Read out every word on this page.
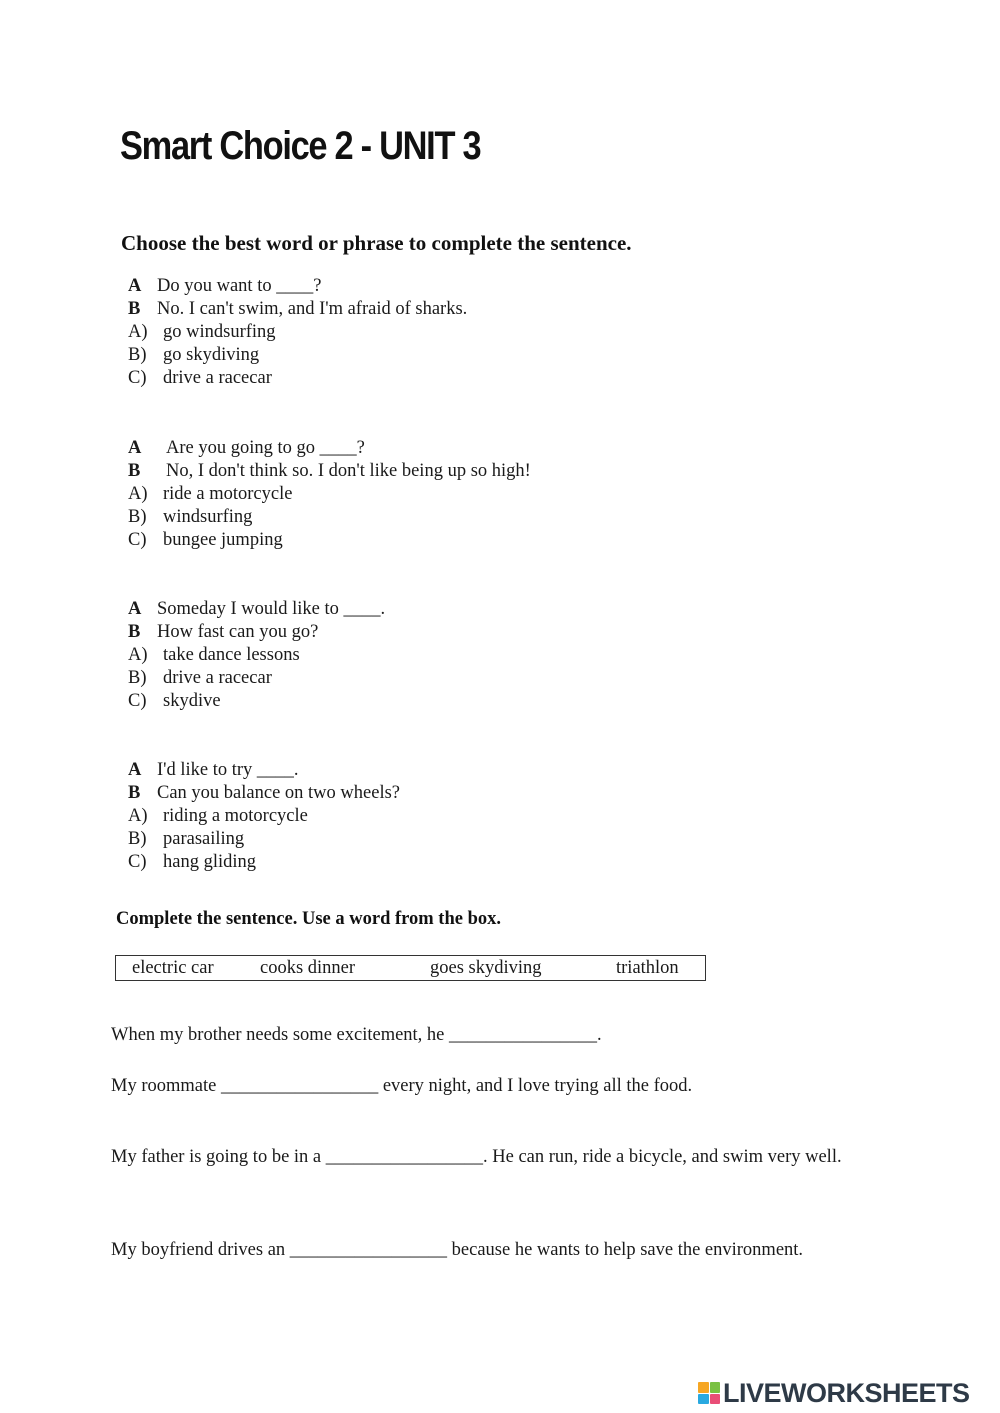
Smart Choice 2 - UNIT 3
Choose the best word or phrase to complete the sentence.
A Do you want to ____?
B No. I can't swim, and I'm afraid of sharks.
A) go windsurfing
B) go skydiving
C) drive a racecar
A Are you going to go ____?
B No, I don't think so. I don't like being up so high!
A) ride a motorcycle
B) windsurfing
C) bungee jumping
A Someday I would like to ____.
B How fast can you go?
A) take dance lessons
B) drive a racecar
C) skydive
A I'd like to try ____.
B Can you balance on two wheels?
A) riding a motorcycle
B) parasailing
C) hang gliding
Complete the sentence. Use a word from the box.
electric car	cooks dinner	goes skydiving	triathlon
When my brother needs some excitement, he ________________.
My roommate _________________ every night, and I love trying all the food.
My father is going to be in a _________________. He can run, ride a bicycle, and swim very well.
My boyfriend drives an _________________ because he wants to help save the environment.
LIVEWORKSHEETS
